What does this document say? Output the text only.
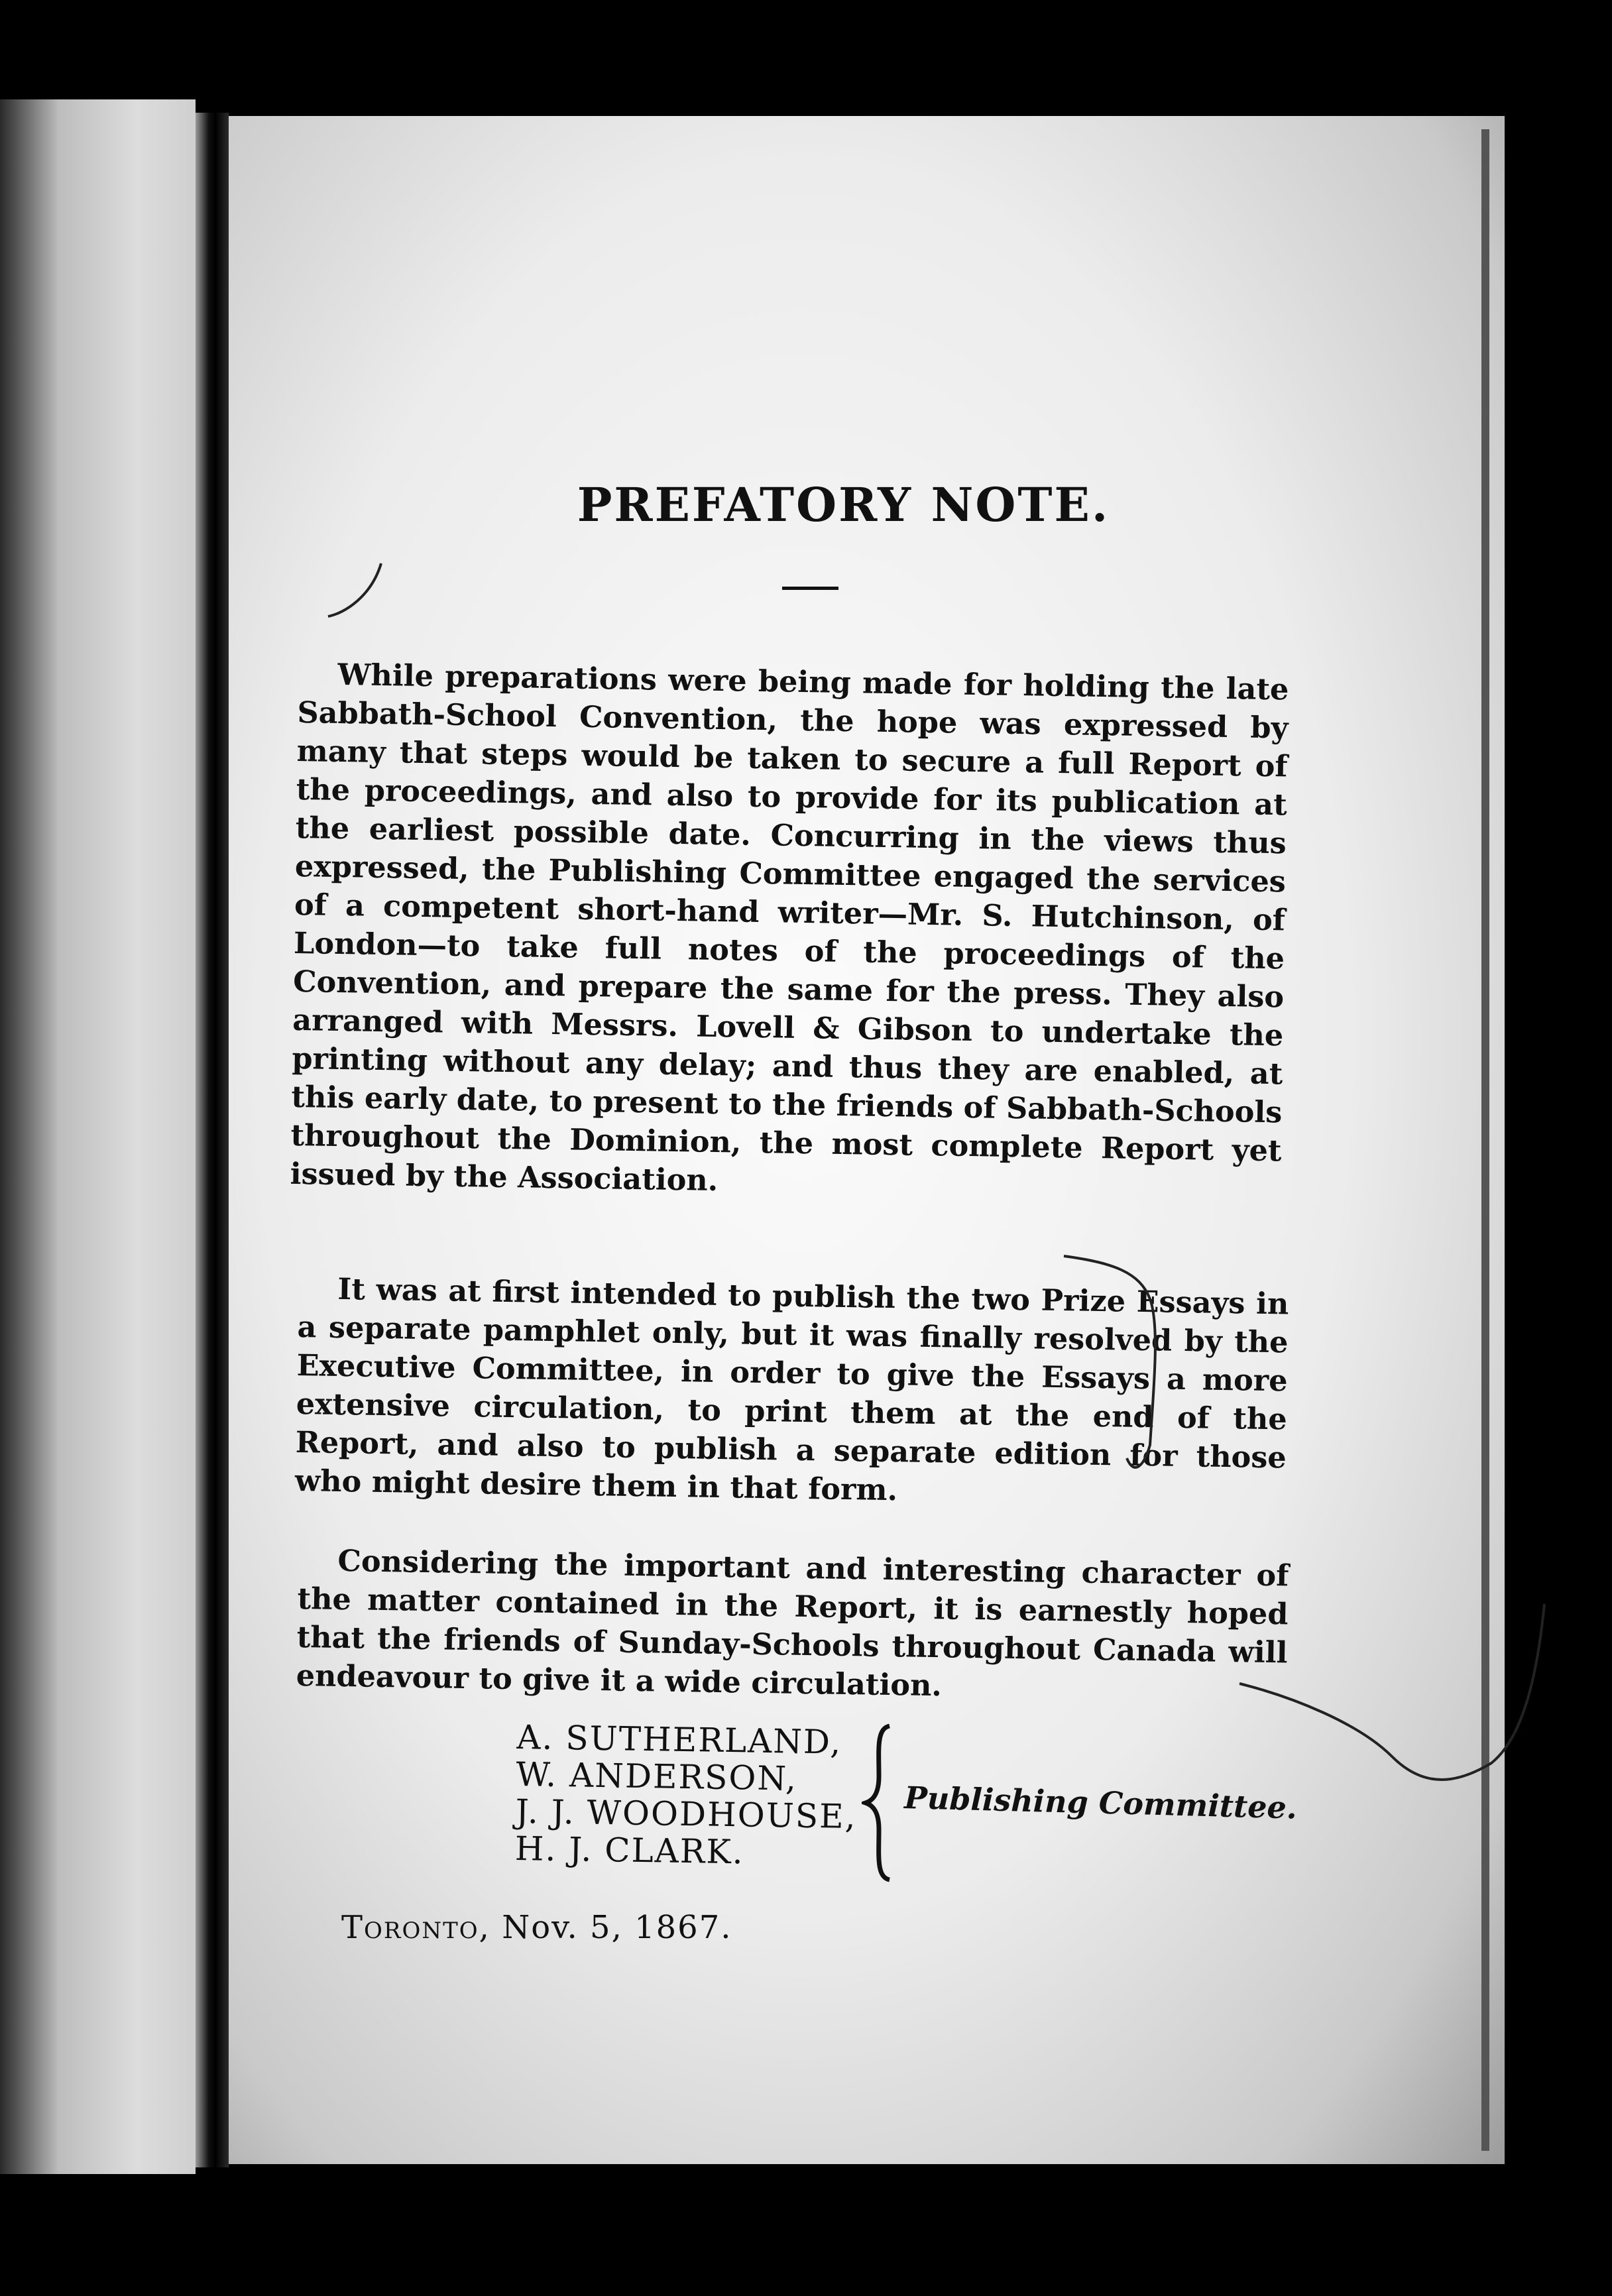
PREFATORY NOTE.

While preparations were being made for holding the late Sabbath-School Convention, the hope was expressed by many that steps would be taken to secure a full Report of the proceedings, and also to provide for its publication at the earliest possible date. Concurring in the views thus expressed, the Publishing Committee engaged the services of a competent short-hand writer—Mr. S. Hutchinson, of London—to take full notes of the proceedings of the Convention, and prepare the same for the press. They also arranged with Messrs. Lovell & Gibson to undertake the printing without any delay; and thus they are enabled, at this early date, to present to the friends of Sabbath-Schools throughout the Dominion, the most complete Report yet issued by the Association.

It was at first intended to publish the two Prize Essays in a separate pamphlet only, but it was finally resolved by the Executive Committee, in order to give the Essays a more extensive circulation, to print them at the end of the Report, and also to publish a separate edition for those who might desire them in that form.

Considering the important and interesting character of the matter contained in the Report, it is earnestly hoped that the friends of Sunday-Schools throughout Canada will endeavour to give it a wide circulation.

A. SUTHERLAND,
W. ANDERSON,
J. J. WOODHOUSE,
H. J. CLARK.
Publishing Committee.
Toronto, Nov. 5, 1867.
